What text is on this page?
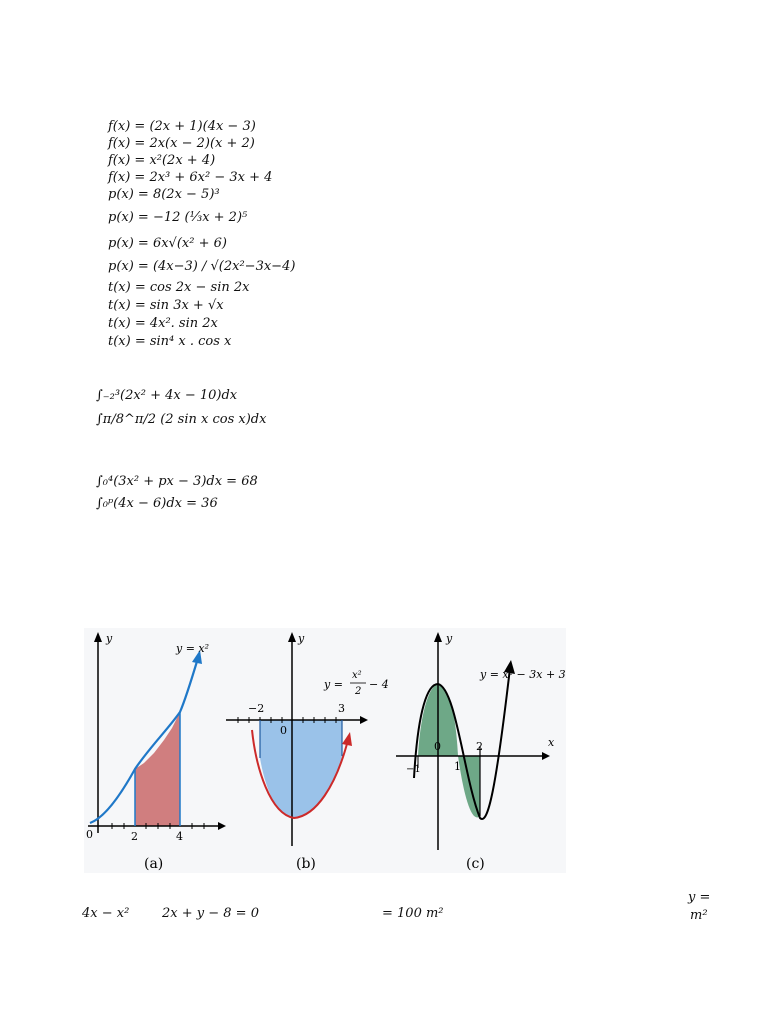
f(x) = (2x + 1)(4x − 3)
f(x) = 2x(x − 2)(x + 2)
f(x) = x²(2x + 4)
f(x) = 2x³ + 6x² − 3x + 4
p(x) = 8(2x − 5)³
p(x) = −12 (⅓x + 2)⁵
p(x) = 6x√(x² + 6)
p(x) = (4x−3) / √(2x²−3x−4)
t(x) = cos 2x − sin 2x
t(x) = sin 3x + √x
t(x) = 4x². sin 2x
t(x) = sin⁴ x . cos x
∫₋₂³(2x² + 4x − 10)dx
∫π/8^π/2 (2 sin x cos x)dx
∫₀⁴(3x² + px − 3)dx = 68
∫₀ᵖ(4x − 6)dx = 36
y
y = x²
0	2	4
(a)
y
y =
x²
2
− 4
−2
0
3
(b)
y
x
y = x² − 3x + 3
−1
0
1
2
(c)
4x − x²	2x + y − 8 = 0	= 100 m²
y =
m²
